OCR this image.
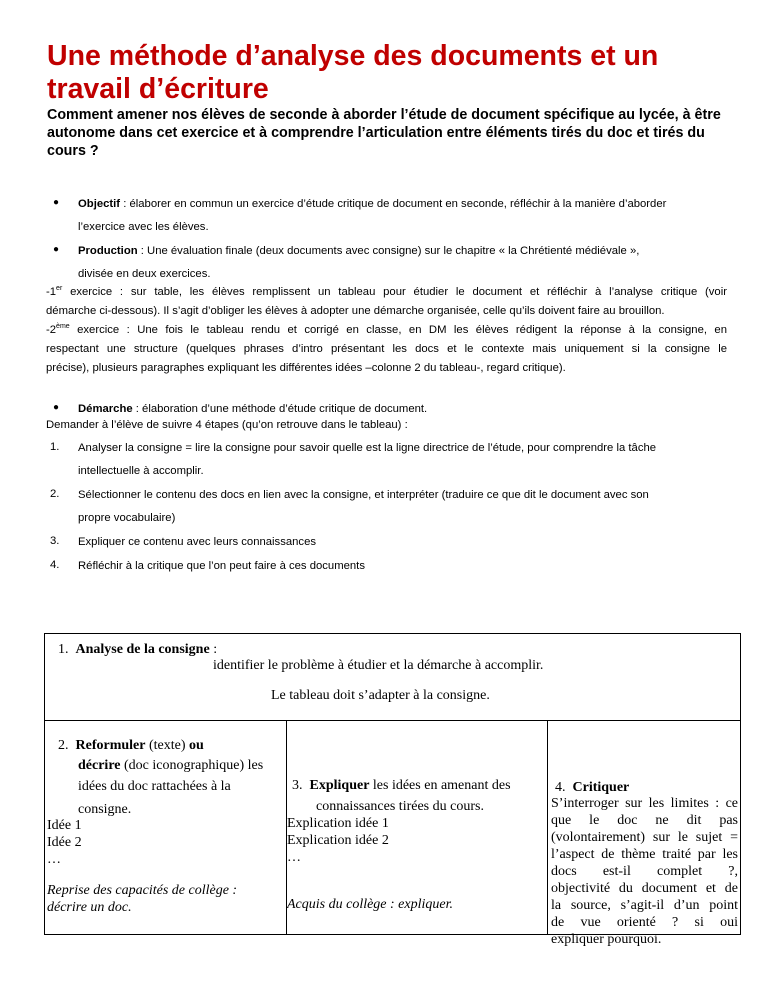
Une méthode d’analyse des documents et un travail d’écriture
Comment amener nos élèves de seconde à aborder l’étude de document spécifique au lycée, à être autonome dans cet exercice et à comprendre l’articulation entre éléments tirés du doc et tirés du cours ?
● Objectif : élaborer en commun un exercice d’étude critique de document en seconde, réfléchir à la manière d’aborder
l’exercice avec les élèves.
● Production : Une évaluation finale (deux documents avec consigne) sur le chapitre « la Chrétienté médiévale »,
divisée en deux exercices.
-1er exercice : sur table, les élèves remplissent un tableau pour étudier le document et réfléchir à l’analyse critique (voir
démarche ci-dessous). Il s’agit d’obliger les élèves à adopter une démarche organisée, celle qu’ils doivent faire au brouillon.
-2ème exercice : Une fois le tableau rendu et corrigé en classe, en DM les élèves rédigent la réponse à la consigne, en
respectant une structure (quelques phrases d’intro présentant les docs et le contexte mais uniquement si la consigne le
précise), plusieurs paragraphes expliquant les différentes idées –colonne 2 du tableau-, regard critique).
● Démarche : élaboration d’une méthode d’étude critique de document.
Demander à l’élève de suivre 4 étapes (qu’on retrouve dans le tableau) :
1. Analyser la consigne = lire la consigne pour savoir quelle est la ligne directrice de l’étude, pour comprendre la tâche
intellectuelle à accomplir.
2. Sélectionner le contenu des docs en lien avec la consigne, et interpréter (traduire ce que dit le document avec son
propre vocabulaire)
3. Expliquer ce contenu avec leurs connaissances
4. Réfléchir à la critique que l’on peut faire à ces documents
1. Analyse de la consigne :
identifier le problème à étudier et la démarche à accomplir.
Le tableau doit s’adapter à la consigne.
2. Reformuler (texte) ou
décrire (doc iconographique) les
idées du doc rattachées à la
consigne.
Idée 1
Idée 2
…
Reprise des capacités de collège :
décrire un doc.
3. Expliquer les idées en amenant des
connaissances tirées du cours.
Explication idée 1
Explication idée 2
…
Acquis du collège : expliquer.
4. Critiquer
S’interroger sur les limites : ce
que le doc ne dit pas
(volontairement) sur le sujet =
l’aspect de thème traité par les
docs est-il complet ?,
objectivité du document et de
la source, s’agit-il d’un point
de vue orienté ? si oui
expliquer pourquoi.
